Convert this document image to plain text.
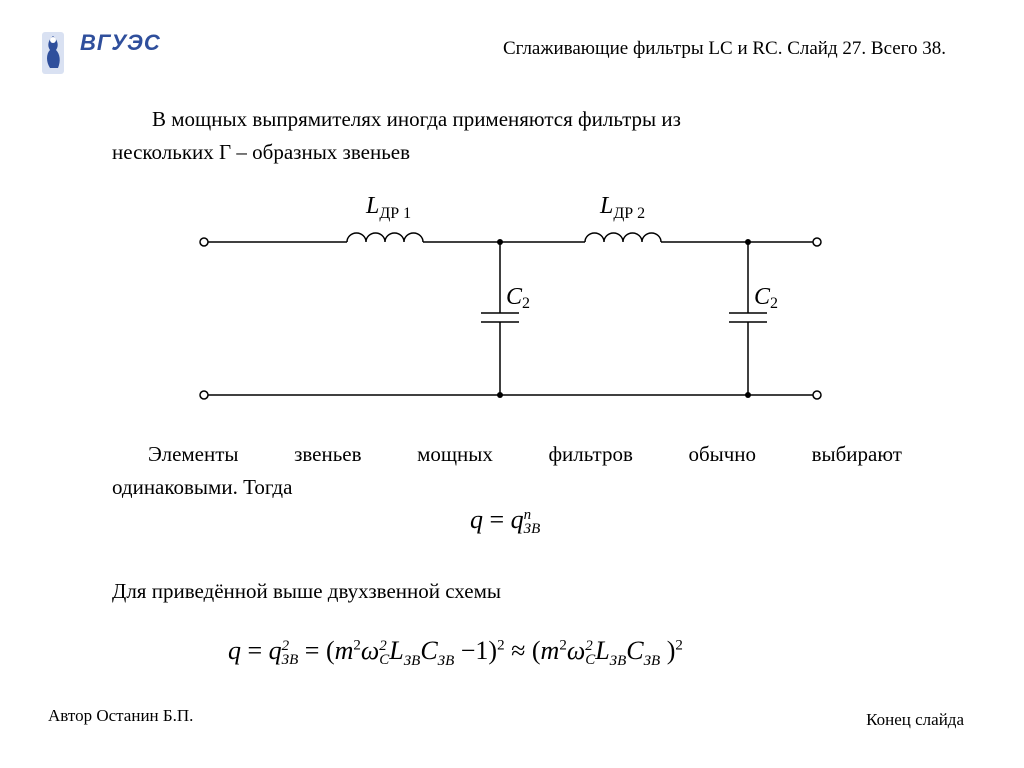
ВГУЭС	Сглаживающие фильтры LC и RC. Слайд 27. Всего 38.
В мощных выпрямителях иногда применяются фильтры из
нескольких Г – образных звеньев
$L_{ДР 1}$	$L_{ДР 2}$
C2	C2
Элементы	звеньев	мощных	фильтров	обычно	выбирают
одинаковыми. Тогда
q = q n
ЗВ
Для приведённой выше двухзвенной схемы
q = q 2
ЗВ = ($m^2\omega$ 2
C $L_{ЗВ}C_{ЗВ} -1)^2 \approx (m^2\omega$ 2
C $L_{ЗВ}C_{ЗВ}$ )$^2$
Автор Останин Б.П.	Конец слайда
